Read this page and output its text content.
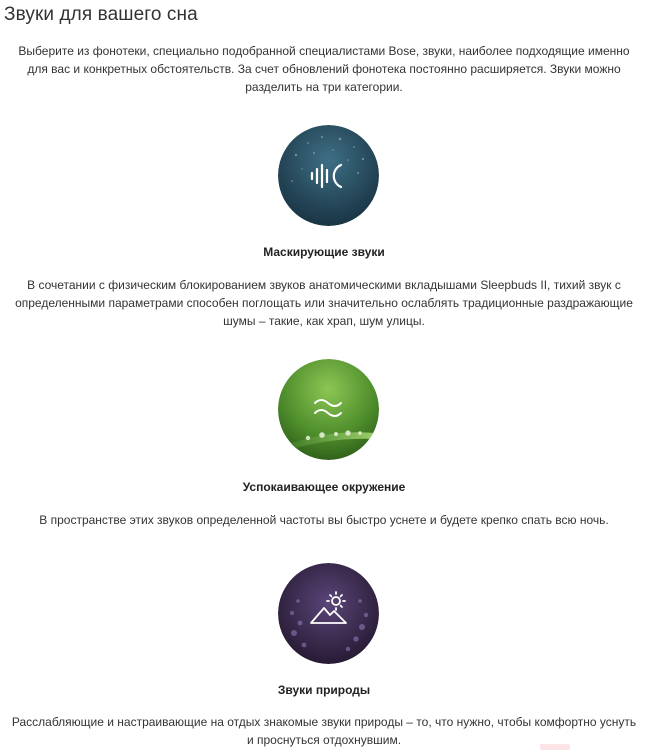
Звуки для вашего сна

Выберите из фонотеки, специально подобранной специалистами Bose, звуки, наиболее подходящие именно для вас и конкретных обстоятельств. За счет обновлений фонотека постоянно расширяется. Звуки можно разделить на три категории.

Маскирующие звуки

В сочетании с физическим блокированием звуков анатомическими вкладышами Sleepbuds II, тихий звук с определенными параметрами способен поглощать или значительно ослаблять традиционные раздражающие шумы – такие, как храп, шум улицы.

Успокаивающее окружение

В пространстве этих звуков определенной частоты вы быстро уснете и будете крепко спать всю ночь.

Звуки природы

Расслабляющие и настраивающие на отдых знакомые звуки природы – то, что нужно, чтобы комфортно уснуть и проснуться отдохнувшим.
